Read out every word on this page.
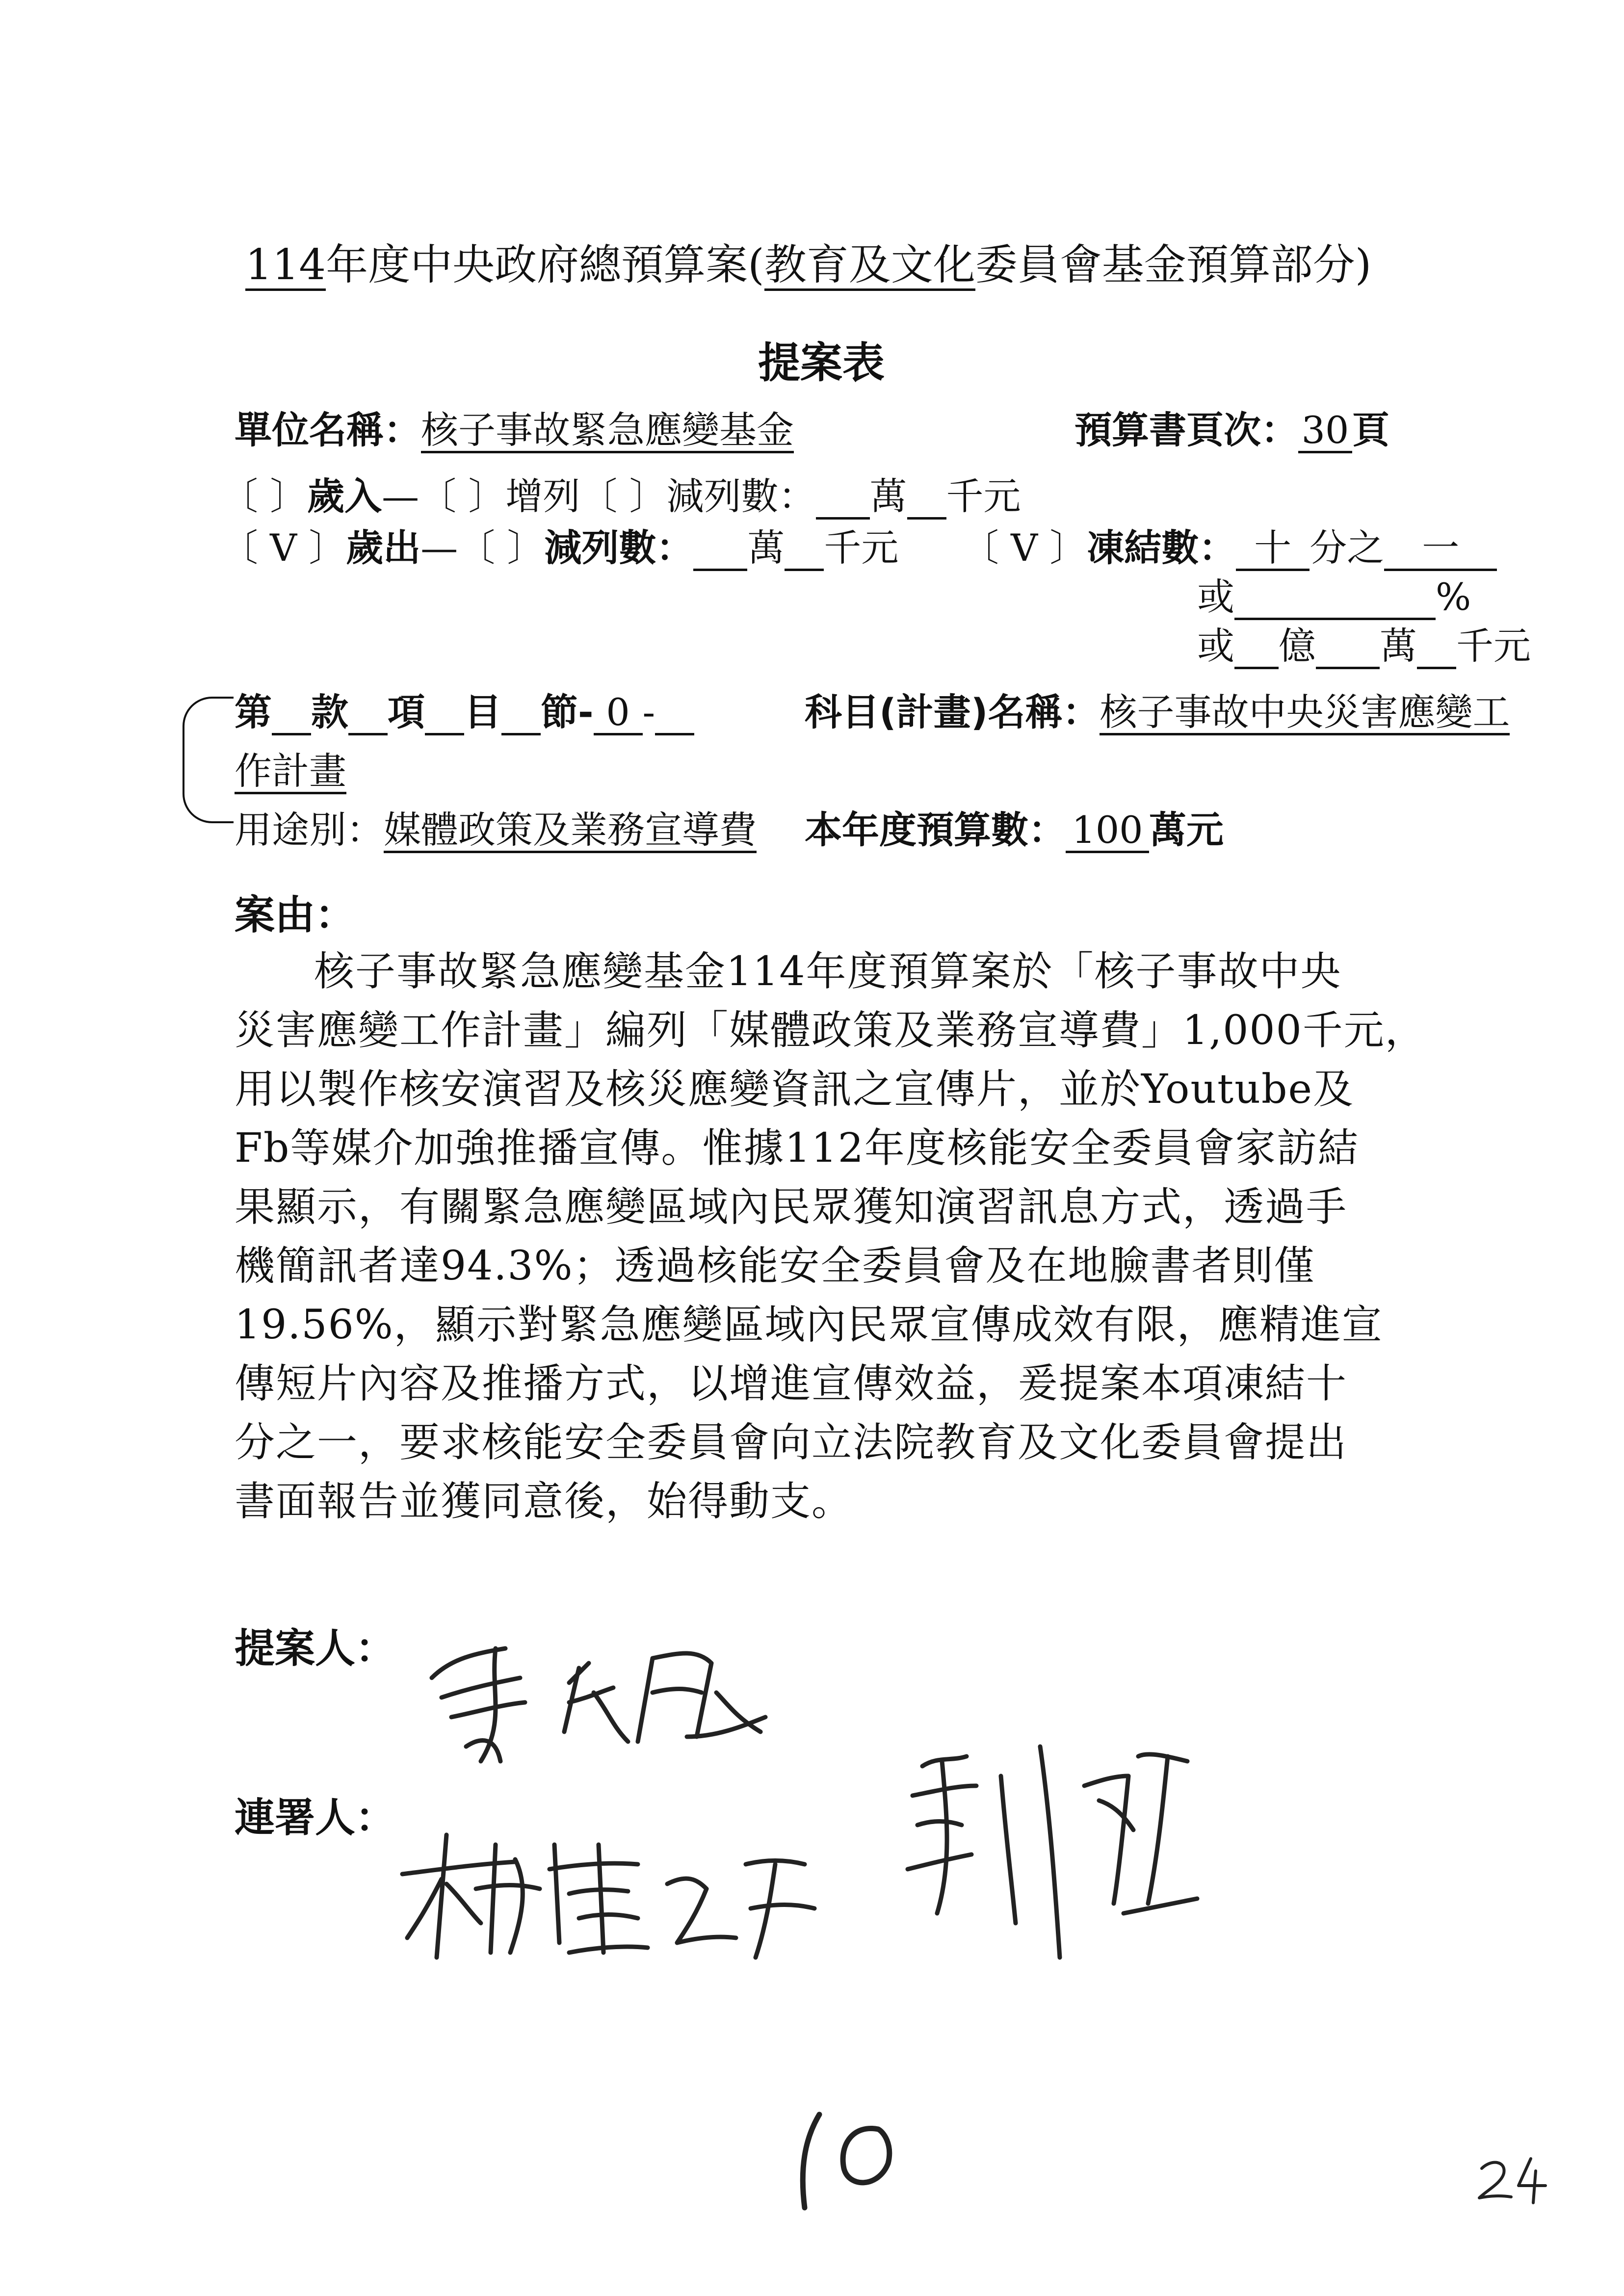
114年度中央政府總預算案(教育及文化委員會基金預算部分)
提案表
單位名稱：核子事故緊急應變基金	預算書頁次：30頁
〔 〕歲入—〔 〕增列〔 〕減列數： 萬 千元
〔 V 〕歲出—〔 〕減列數： 萬 千元 〔 V 〕凍結數： 十 分之 一
或	%
或 億 萬 千元
第 款 項 目 節- 0 -	科目(計畫)名稱：核子事故中央災害應變工
作計畫
用途別：媒體政策及業務宣導費 本年度預算數： 100 萬元
案由：
核子事故緊急應變基金114年度預算案於「核子事故中央
災害應變工作計畫」編列「媒體政策及業務宣導費」1,000千元，
用以製作核安演習及核災應變資訊之宣傳片，並於Youtube及
Fb等媒介加強推播宣傳。惟據112年度核能安全委員會家訪結
果顯示，有關緊急應變區域內民眾獲知演習訊息方式，透過手
機簡訊者達94.3%；透過核能安全委員會及在地臉書者則僅
19.56%，顯示對緊急應變區域內民眾宣傳成效有限，應精進宣
傳短片內容及推播方式，以增進宣傳效益，爰提案本項凍結十
分之一，要求核能安全委員會向立法院教育及文化委員會提出
書面報告並獲同意後，始得動支。
提案人：
連署人：
